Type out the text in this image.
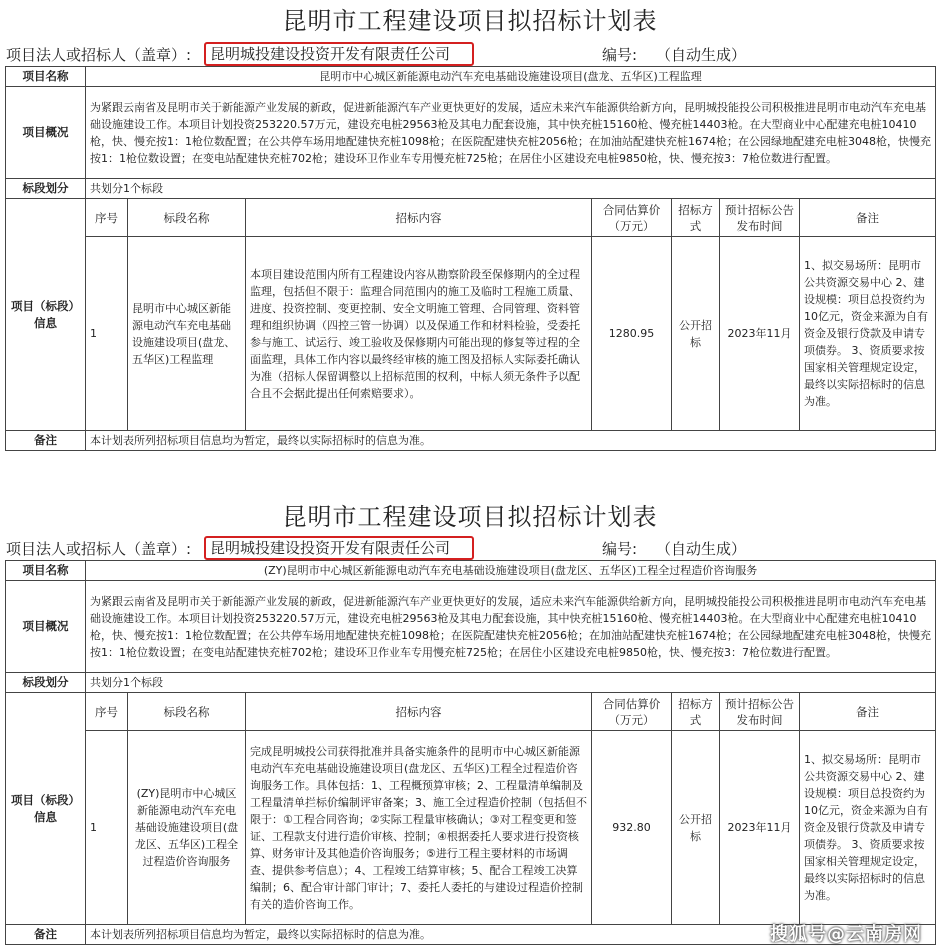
昆明市工程建设项目拟招标计划表
项目法人或招标人（盖章）:	昆明城投建设投资开发有限责任公司	编号: （自动生成）
项目名称	昆明市中心城区新能源电动汽车充电基础设施建设项目(盘龙、五华区)工程监理						
项目概况	为紧跟云南省及昆明市关于新能源产业发展的新政，促进新能源汽车产业更快更好的发展，适应未来汽车能源供给新方向，昆明城投能投公司积极推进昆明市电动汽车充电基础设施建设工作。本项目计划投资253220.57万元，建设充电桩29563枪及其电力配套设施，其中快充桩15160枪、慢充桩14403枪。在大型商业中心配建充电桩10410枪，快、慢充按1：1枪位数配置；在公共停车场用地配建快充桩1098枪；在医院配建快充桩2056枪；在加油站配建快充桩1674枪；在公园绿地配建充电桩3048枪，快慢充按1：1枪位数设置；在变电站配建快充桩702枪；建设环卫作业车专用慢充桩725枪；在居住小区建设充电桩9850枪，快、慢充按3：7枪位数进行配置。						
标段划分	共划分1个标段						
项目（标段）信息	序号	标段名称	招标内容	合同估算价（万元）	招标方式	预计招标公告发布时间	备注
	1	昆明市中心城区新能源电动汽车充电基础设施建设项目(盘龙、五华区)工程监理	本项目建设范围内所有工程建设内容从勘察阶段至保修期内的全过程监理，包括但不限于：监理合同范围内的施工及临时工程施工质量、进度、投资控制、变更控制、安全文明施工管理、合同管理、资料管理和组织协调（四控三管一协调）以及保通工作和材料检验，受委托参与施工、试运行、竣工验收及保修期内可能出现的修复等过程的全面监理，具体工作内容以最终经审核的施工图及招标人实际委托确认为准（招标人保留调整以上招标范围的权利，中标人须无条件予以配合且不会据此提出任何索赔要求）。	1280.95	公开招标	2023年11月	1、拟交易场所：昆明市公共资源交易中心 2、建设规模：项目总投资约为10亿元，资金来源为自有资金及银行贷款及申请专项债券。 3、资质要求按国家相关管理规定设定，最终以实际招标时的信息为准。
备注	本计划表所列招标项目信息均为暂定，最终以实际招标时的信息为准。						
昆明市工程建设项目拟招标计划表
项目法人或招标人（盖章）:	昆明城投建设投资开发有限责任公司	编号: （自动生成）
项目名称	(ZY)昆明市中心城区新能源电动汽车充电基础设施建设项目(盘龙区、五华区)工程全过程造价咨询服务						
项目概况	为紧跟云南省及昆明市关于新能源产业发展的新政，促进新能源汽车产业更快更好的发展，适应未来汽车能源供给新方向，昆明城投能投公司积极推进昆明市电动汽车充电基础设施建设工作。本项目计划投资253220.57万元，建设充电桩29563枪及其电力配套设施，其中快充桩15160枪、慢充桩14403枪。在大型商业中心配建充电桩10410枪，快、慢充按1：1枪位数配置；在公共停车场用地配建快充桩1098枪；在医院配建快充桩2056枪；在加油站配建快充桩1674枪；在公园绿地配建充电桩3048枪，快慢充按1：1枪位数设置；在变电站配建快充桩702枪；建设环卫作业车专用慢充桩725枪；在居住小区建设充电桩9850枪，快、慢充按3：7枪位数进行配置。						
标段划分	共划分1个标段						
项目（标段）信息	序号	标段名称	招标内容	合同估算价（万元）	招标方式	预计招标公告发布时间	备注
	1	(ZY)昆明市中心城区新能源电动汽车充电基础设施建设项目(盘龙区、五华区)工程全过程造价咨询服务	完成昆明城投公司获得批准并具备实施条件的昆明市中心城区新能源电动汽车充电基础设施建设项目(盘龙区、五华区)工程全过程造价咨询服务工作。具体包括：1、工程概预算审核；2、工程量清单编制及工程量清单拦标价编制评审备案；3、施工全过程造价控制（包括但不限于：①工程合同咨询；②实际工程量审核确认；③对工程变更和签证、工程款支付进行造价审核、控制；④根据委托人要求进行投资核算、财务审计及其他造价咨询服务；⑤进行工程主要材料的市场调查、提供参考信息）；4、工程竣工结算审核；5、配合工程竣工决算编制；6、配合审计部门审计；7、委托人委托的与建设过程造价控制有关的造价咨询工作。	932.80	公开招标	2023年11月	1、拟交易场所：昆明市公共资源交易中心 2、建设规模：项目总投资约为10亿元，资金来源为自有资金及银行贷款及申请专项债券。 3、资质要求按国家相关管理规定设定，最终以实际招标时的信息为准。
备注	本计划表所列招标项目信息均为暂定，最终以实际招标时的信息为准。							搜狐号@云南房网
